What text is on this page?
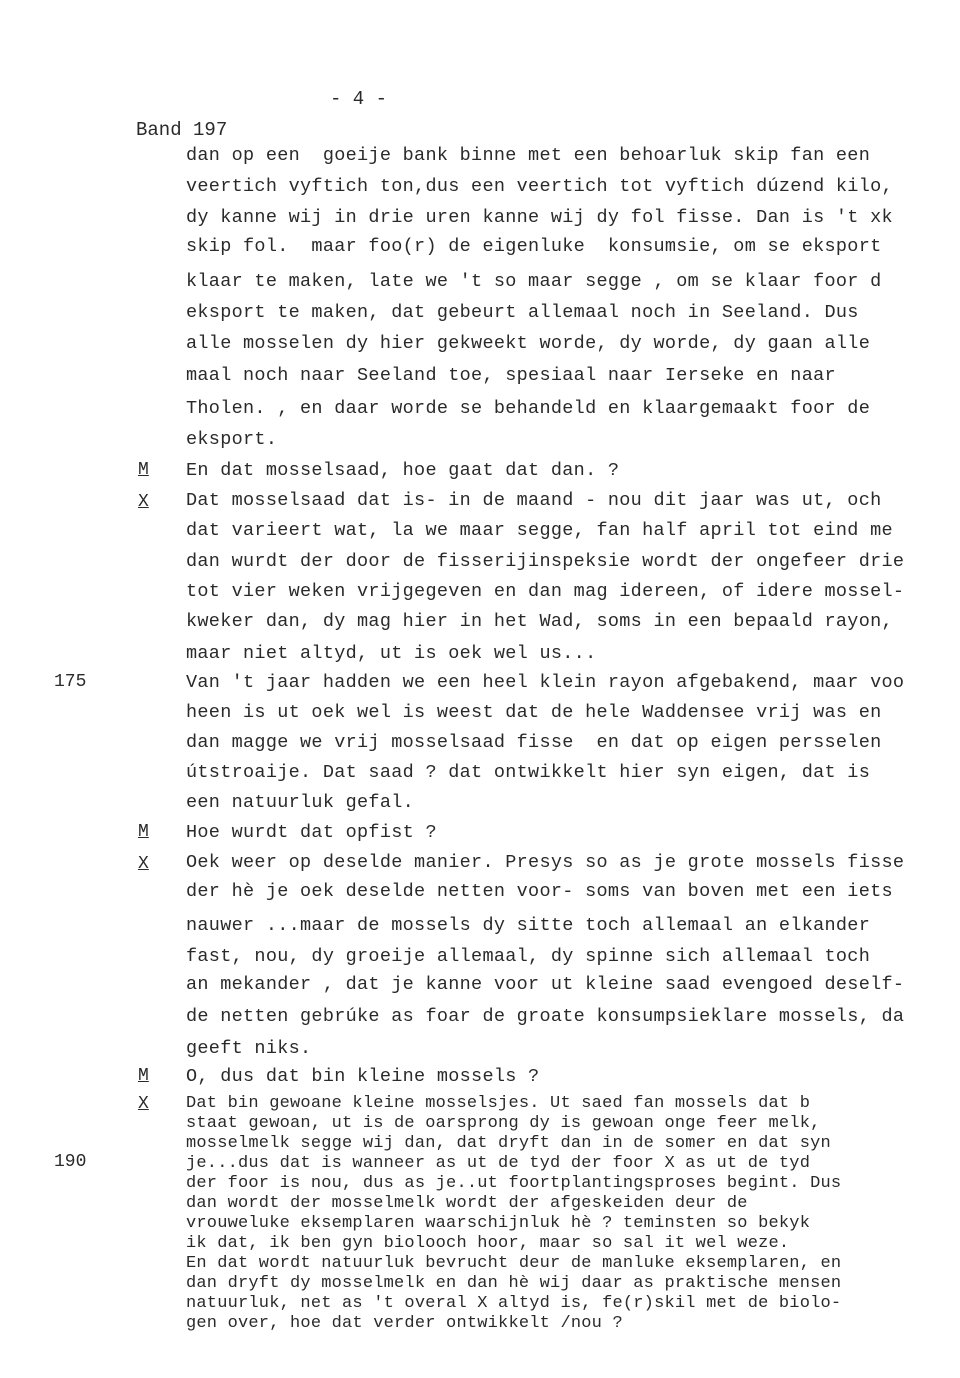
- 4 -
Band 197
dan op een  goeije bank binne met een behoarluk skip fan een
veertich vyftich ton,dus een veertich tot vyftich dúzend kilo,
dy kanne wij in drie uren kanne wij dy fol fisse. Dan is 't xk
skip fol.  maar foo(r) de eigenluke  konsumsie, om se eksport
klaar te maken, late we 't so maar segge , om se klaar foor d
eksport te maken, dat gebeurt allemaal noch in Seeland. Dus
alle mosselen dy hier gekweekt worde, dy worde, dy gaan alle
maal noch naar Seeland toe, spesiaal naar Ierseke en naar
Tholen. , en daar worde se behandeld en klaargemaakt foor de
eksport.
En dat mosselsaad, hoe gaat dat dan. ?
Dat mosselsaad dat is- in de maand - nou dit jaar was ut, och
dat varieert wat, la we maar segge, fan half april tot eind me
dan wurdt der door de fisserijinspeksie wordt der ongefeer drie
tot vier weken vrijgegeven en dan mag idereen, of idere mossel-
kweker dan, dy mag hier in het Wad, soms in een bepaald rayon,
maar niet altyd, ut is oek wel us...
Van 't jaar hadden we een heel klein rayon afgebakend, maar voo
heen is ut oek wel is weest dat de hele Waddensee vrij was en
dan magge we vrij mosselsaad fisse  en dat op eigen persselen
útstroaije. Dat saad ? dat ontwikkelt hier syn eigen, dat is
een natuurluk gefal.
Hoe wurdt dat opfist ?
Oek weer op deselde manier. Presys so as je grote mossels fisse
der hè je oek deselde netten voor- soms van boven met een iets
nauwer ...maar de mossels dy sitte toch allemaal an elkander
fast, nou, dy groeije allemaal, dy spinne sich allemaal toch
an mekander , dat je kanne voor ut kleine saad evengoed deself-
de netten gebrúke as foar de groate konsumpsieklare mossels, da
geeft niks.
O, dus dat bin kleine mossels ?
Dat bin gewoane kleine mosselsjes. Ut saed fan mossels dat b
staat gewoan, ut is de oarsprong dy is gewoan onge feer melk,
mosselmelk segge wij dan, dat dryft dan in de somer en dat syn
je...dus dat is wanneer as ut de tyd der foor X as ut de tyd
der foor is nou, dus as je..ut foortplantingsproses begint. Dus
dan wordt der mosselmelk wordt der afgeskeiden deur de
vrouweluke eksemplaren waarschijnluk hè ? teminsten so bekyk
ik dat, ik ben gyn biolooch hoor, maar so sal it wel weze.
En dat wordt natuurluk bevrucht deur de manluke eksemplaren, en
dan dryft dy mosselmelk en dan hè wij daar as praktische mensen
natuurluk, net as 't overal X altyd is, fe(r)skil met de biolo-
gen over, hoe dat verder ontwikkelt /nou ?
M
X
M
X
M
X
175
190
